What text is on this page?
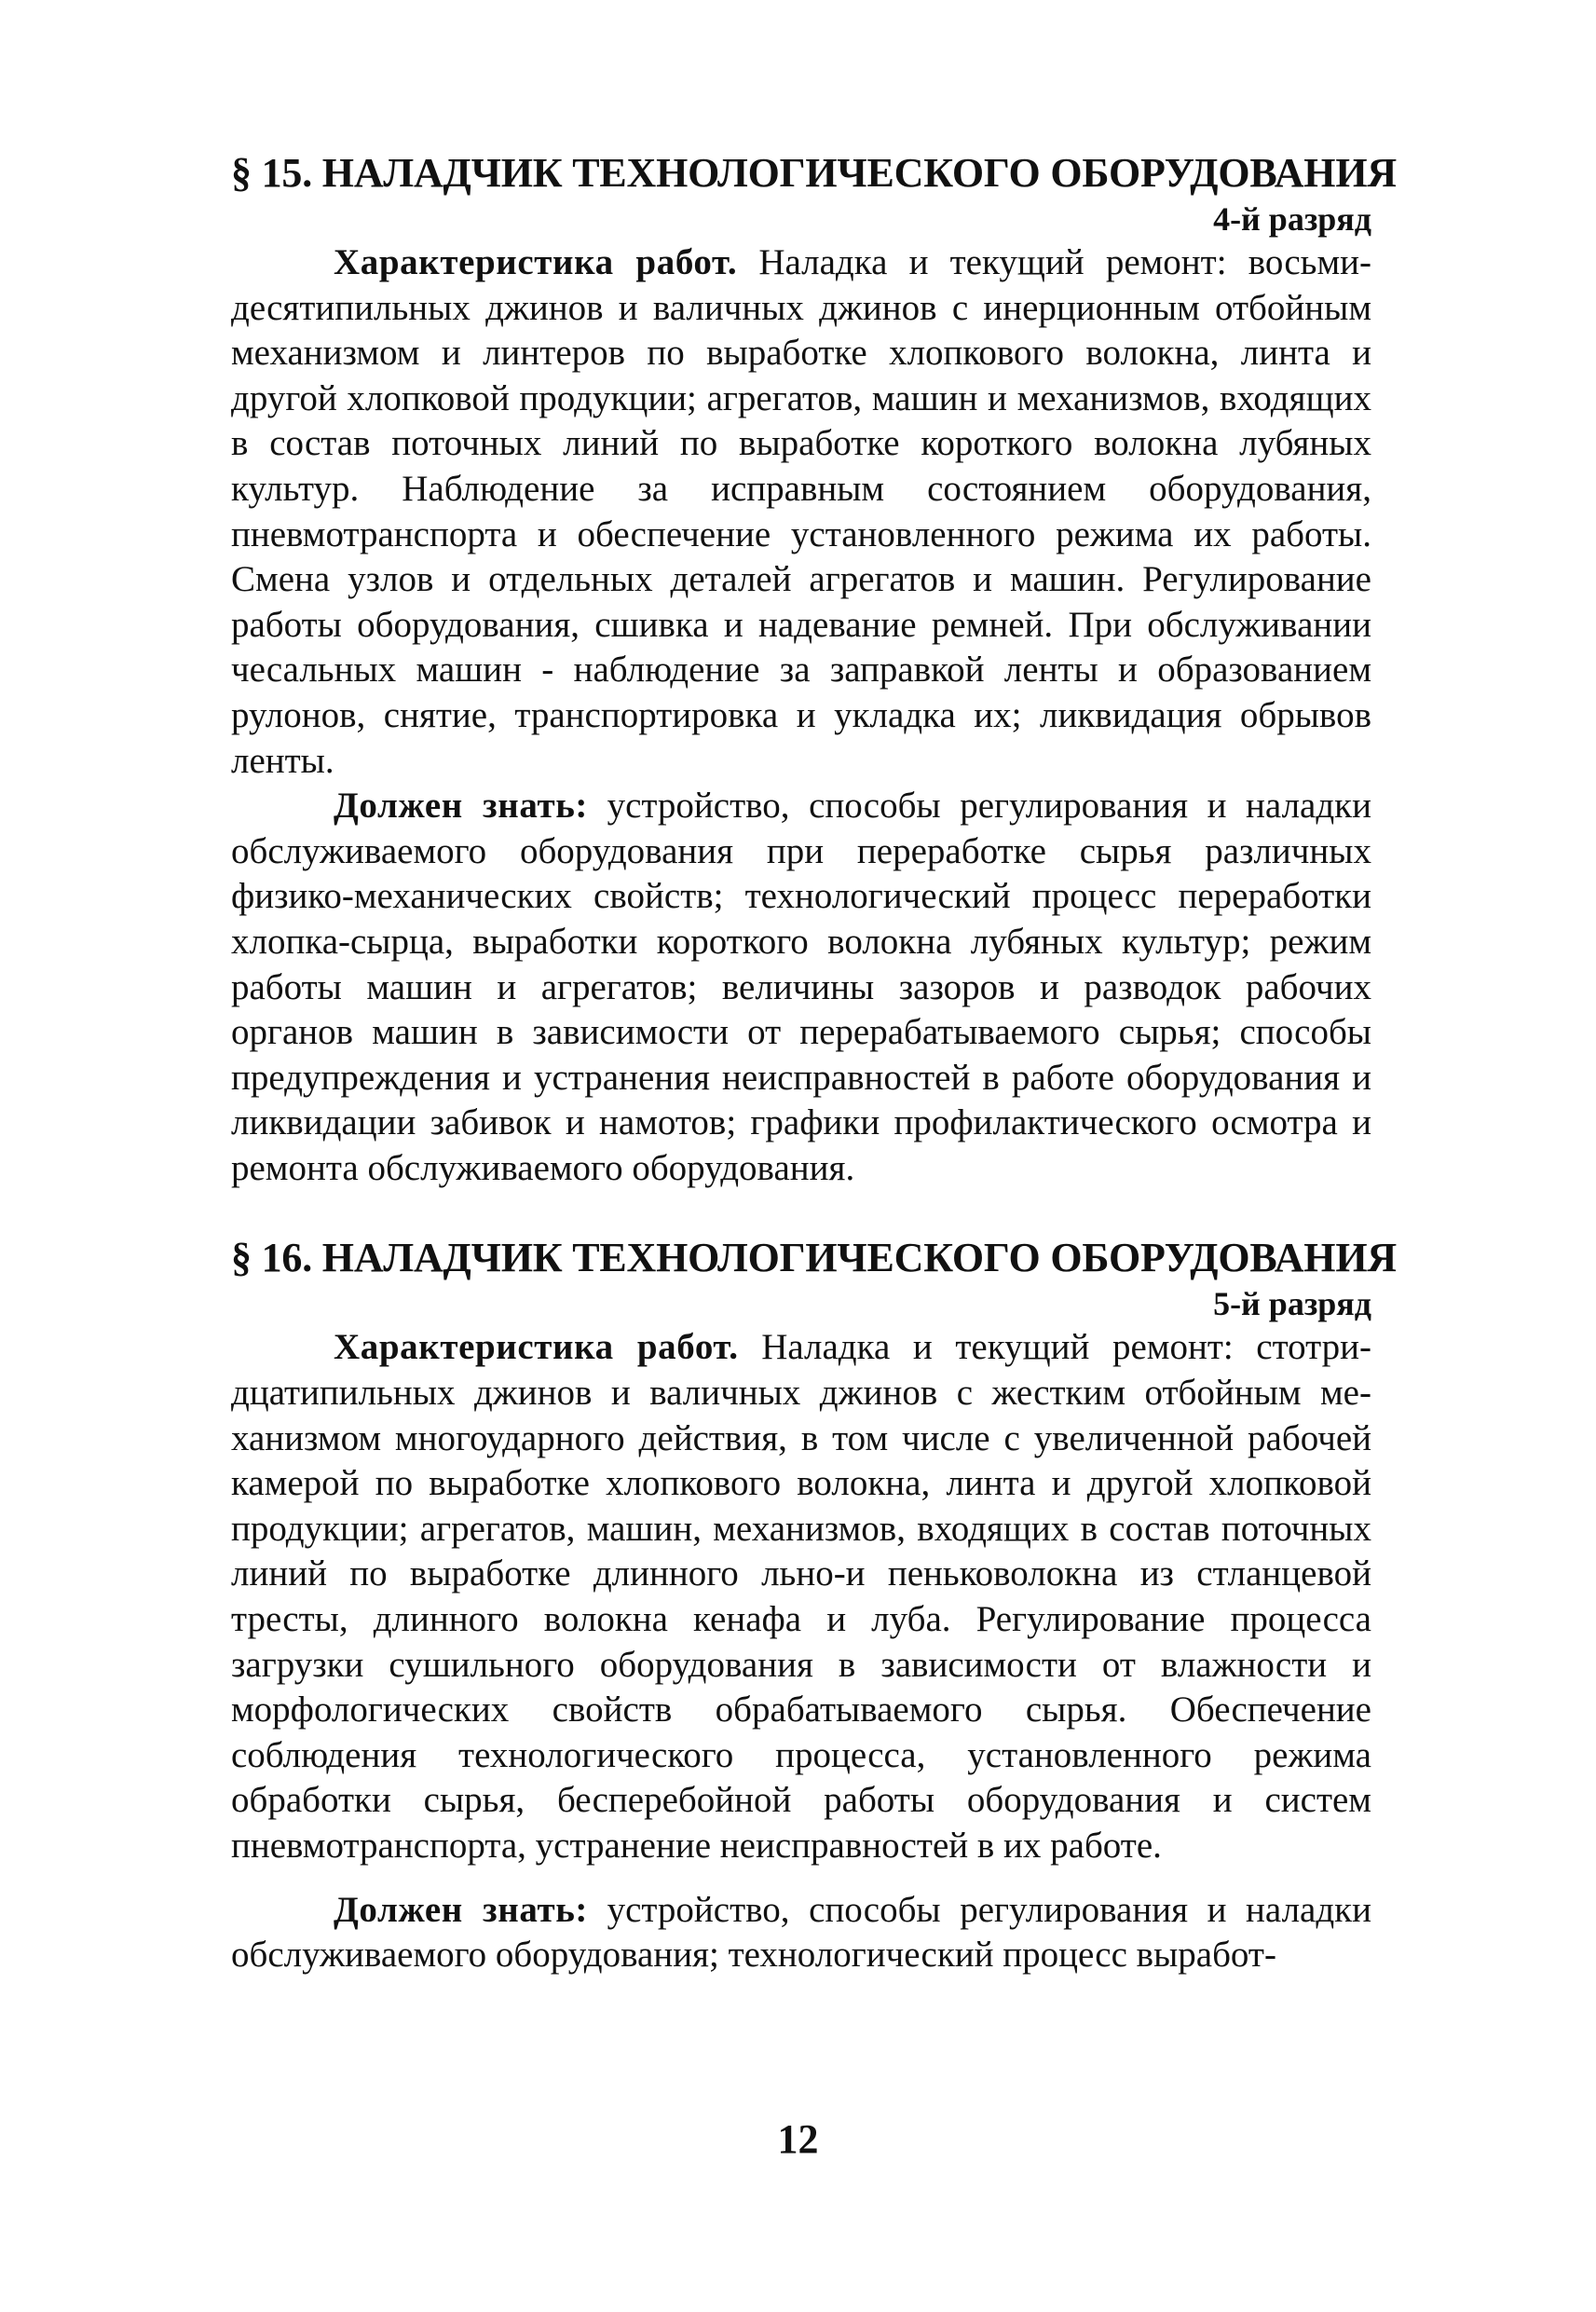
§ 15. НАЛАДЧИК ТЕХНОЛОГИЧЕСКОГО ОБОРУДОВАНИЯ

4-й разряд

Характеристика работ. Наладка и текущий ремонт: восьмидесятипильных джинов и валичных джинов с инерционным отбойным механизмом и линтеров по выработке хлопкового волокна, линта и другой хлопковой продукции; агрегатов, машин и механизмов, входящих в состав поточных линий по выработке короткого волокна лубяных культур. Наблюдение за исправным состоянием оборудования, пневмотранспорта и обеспечение установленного режима их работы. Смена узлов и отдельных деталей агрегатов и машин. Регулирование работы оборудования, сшивка и надевание ремней. При обслуживании чесальных машин - наблюдение за заправкой ленты и образованием рулонов, снятие, транспортировка и укладка их; ликвидация обрывов ленты.

Должен знать: устройство, способы регулирования и наладки обслуживаемого оборудования при переработке сырья различных физико-механических свойств; технологический процесс переработки хлопка-сырца, выработки короткого волокна лубяных культур; режим работы машин и агрегатов; величины зазоров и разводок рабочих органов машин в зависимости от перерабатываемого сырья; способы предупреждения и устранения неисправностей в работе оборудования и ликвидации забивок и намотов; графики профилактического осмотра и ремонта обслуживаемого оборудования.

§ 16. НАЛАДЧИК ТЕХНОЛОГИЧЕСКОГО ОБОРУДОВАНИЯ

5-й разряд

Характеристика работ. Наладка и текущий ремонт: стотридцатипильных джинов и валичных джинов с жестким отбойным механизмом многоударного действия, в том числе с увеличенной рабочей камерой по выработке хлопкового волокна, линта и другой хлопковой продукции; агрегатов, машин, механизмов, входящих в состав поточных линий по выработке длинного льно-и пеньковолокна из стланцевой тресты, длинного волокна кенафа и луба. Регулирование процесса загрузки сушильного оборудования в зависимости от влажности и морфологических свойств обрабатываемого сырья. Обеспечение соблюдения технологического процесса, установленного режима обработки сырья, бесперебойной работы оборудования и систем пневмотранспорта, устранение неисправностей в их работе.

Должен знать: устройство, способы регулирования и наладки обслуживаемого оборудования; технологический процесс выработ-

12
